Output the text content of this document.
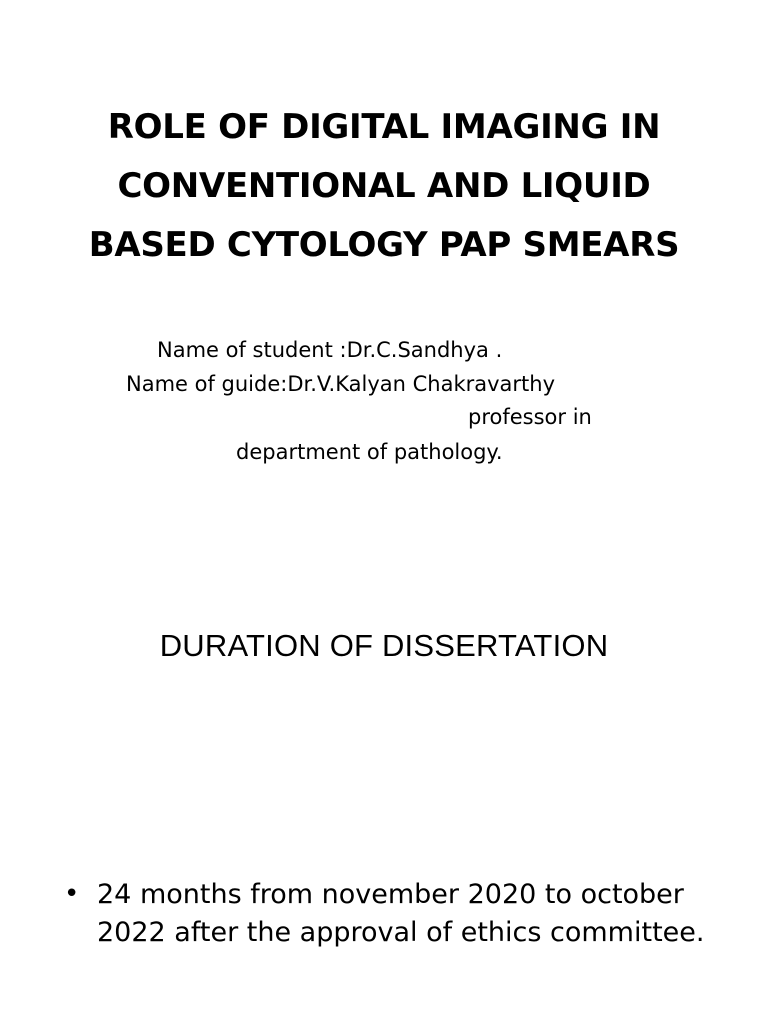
ROLE OF DIGITAL IMAGING IN
CONVENTIONAL AND LIQUID
BASED CYTOLOGY PAP SMEARS
Name of student :Dr.C.Sandhya .
Name of guide:Dr.V.Kalyan Chakravarthy
professor in
department of pathology.
DURATION OF DISSERTATION
• 24 months from november 2020 to october
2022 after the approval of ethics committee.
